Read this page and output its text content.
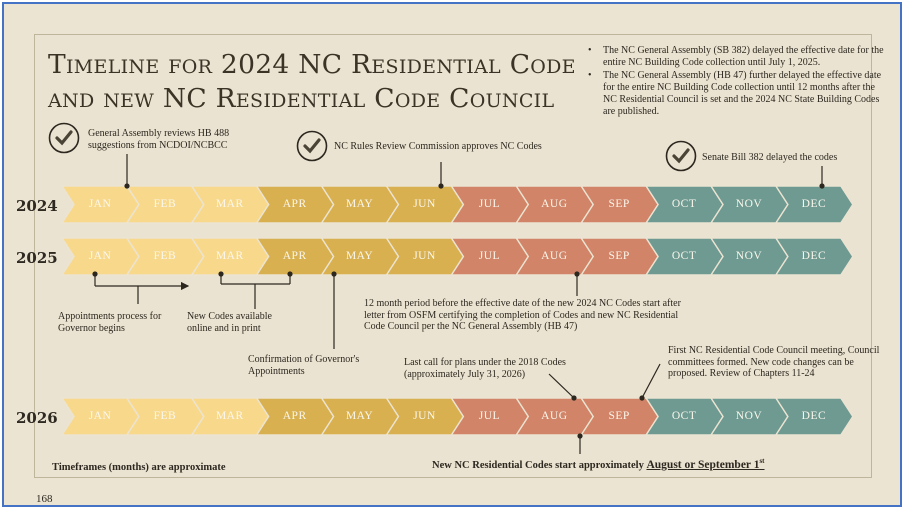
Timeline for 2024 NC Residential Code and new NC Residential Code Council
• The NC General Assembly (SB 382) delayed the effective date for the entire NC Building Code collection until July 1, 2025.
• The NC General Assembly (HB 47) further delayed the effective date for the entire NC Building Code collection until 12 months after the NC Residential Council is set and the 2024 NC State Building Codes are published.
2024
2025
2026
JAN	FEB	MAR	APR	MAY	JUN	JUL	AUG	SEP	OCT	NOV	DEC
JAN	FEB	MAR	APR	MAY	JUN	JUL	AUG	SEP	OCT	NOV	DEC
JAN	FEB	MAR	APR	MAY	JUN	JUL	AUG	SEP	OCT	NOV	DEC
General Assembly reviews HB 488 suggestions from NCDOI/NCBCC	NC Rules Review Commission approves NC Codes
Senate Bill 382 delayed the codes
Appointments process for Governor begins
New Codes available online and in print
Confirmation of Governor's Appointments
12 month period before the effective date of the new 2024 NC Codes start after letter from OSFM certifying the completion of Codes and new NC Residential Code Council per the NC General Assembly (HB 47)
Last call for plans under the 2018 Codes (approximately July 31, 2026)
First NC Residential Code Council meeting, Council committees formed. New code changes can be proposed. Review of Chapters 11-24
Timeframes (months) are approximate	New NC Residential Codes start approximately August or September 1st
168
